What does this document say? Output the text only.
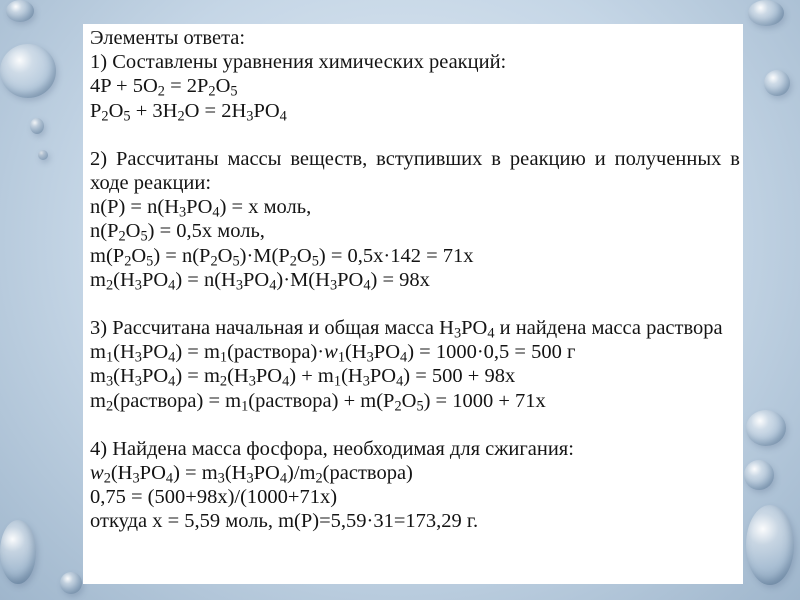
Элементы ответа:
1) Составлены уравнения химических реакций:
$4P + 5O_2 = 2P_2O_5$
$P_2O_5 + 3H_2O = 2H_3PO_4$
2) Рассчитаны массы веществ, вступивших в реакцию и полученных в ходе реакции:
$n(P) = n(H_3PO_4) = x$ моль,
$n(P_2O_5) = 0,5x$ моль,
$m(P_2O_5) = n(P_2O_5)\cdot M(P_2O_5) = 0,5x\cdot 142 = 71x$
$m_2(H_3PO_4) = n(H_3PO_4)\cdot M(H_3PO_4) = 98x$
3) Рассчитана начальная и общая масса $H_3PO_4$ и найдена масса раствора
$m_1(H_3PO_4)$ = $m_1(раствора)\cdot w_1(H_3PO_4) = 1000\cdot 0,5 = 500$ г
$m_3(H_3PO_4) = m_2(H_3PO_4) + m_1(H_3PO_4) = 500 + 98x$
$m_2(раствора)$ = $m_1(раствора) + m(P_2O_5) = 1000 + 71x$
4) Найдена масса фосфора, необходимая для сжигания:
$w_2(H_3PO_4)$ = $m_3(H_3PO_4)/m_2(раствора)$
0,75 = (500+98x)/(1000+71x)
откуда x = 5,59 моль, m(P)=5,59·31=173,29 г.
